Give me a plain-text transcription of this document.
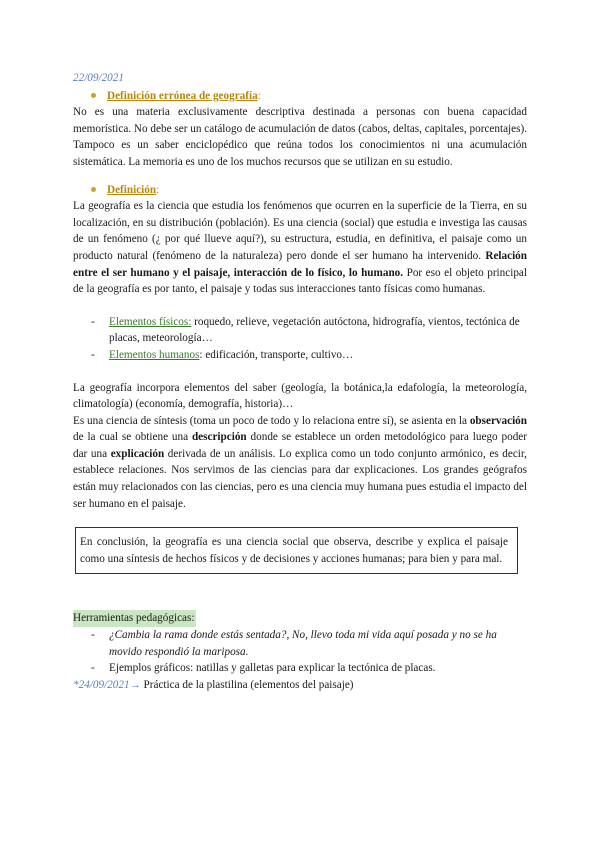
22/09/2021
Definición errónea de geografía :

No es una materia exclusivamente descriptiva destinada a personas con buena capacidad memorística. No debe ser un catálogo de acumulación de datos (cabos, deltas, capitales, porcentajes). Tampoco es un saber enciclopédico que reúna todos los conocimientos ni una acumulación sistemática. La memoria es uno de los muchos recursos que se utilizan en su estudio.

Definición :

La geografía es la ciencia que estudia los fenómenos que ocurren en la superficie de la Tierra, en su localización, en su distribución (población). Es una ciencia (social) que estudia e investiga las causas de un fenómeno (¿ por qué llueve aquí?), su estructura, estudia, en definitiva, el paisaje como un producto natural (fenómeno de la naturaleza) pero donde el ser humano ha intervenido. Relación entre el ser humano y el paisaje, interacción de lo físico, lo humano. Por eso el objeto principal de la geografía es por tanto, el paisaje y todas sus interacciones tanto físicas como humanas.

- Elementos físicos: roquedo, relieve, vegetación autóctona, hidrografía, vientos, tectónica de placas, meteorología…
- Elementos humanos: edificación, transporte, cultivo…

La geografía incorpora elementos del saber (geología, la botánica,la edafología, la meteorología, climatología) (economía, demografía, historia)…

Es una ciencia de síntesis (toma un poco de todo y lo relaciona entre sí), se asienta en la observación de la cual se obtiene una descripción donde se establece un orden metodológico para luego poder dar una explicación derivada de un análisis. Lo explica como un todo conjunto armónico, es decir, establece relaciones. Nos servimos de las ciencias para dar explicaciones. Los grandes geógrafos están muy relacionados con las ciencias, pero es una ciencia muy humana pues estudia el impacto del ser humano en el paisaje.

En conclusión, la geografía es una ciencia social que observa, describe y explica el paisaje como una síntesis de hechos físicos y de decisiones y acciones humanas; para bien y para mal.

Herramientas pedagógicas:
- ¿Cambia la rama donde estás sentada?, No, llevo toda mi vida aquí posada y no se ha movido respondió la mariposa.
- Ejemplos gráficos: natillas y galletas para explicar la tectónica de placas.
*24/09/2021→ Práctica de la plastilina (elementos del paisaje)
